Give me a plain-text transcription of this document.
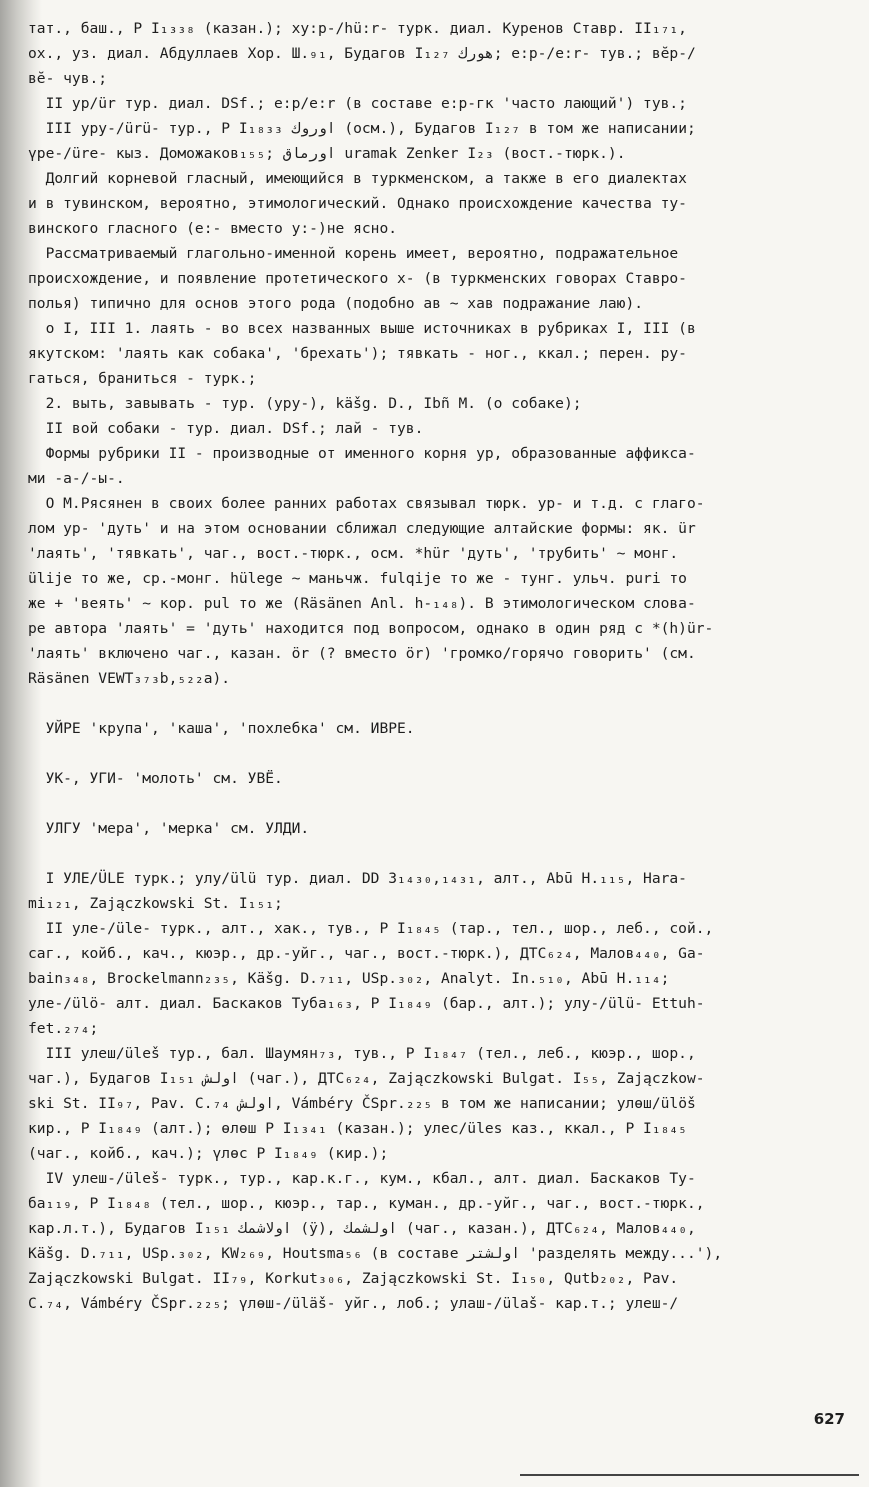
тат., баш., Р I₁₃₃₈ (казан.); xy:p-/hü:r- турк. диал. Куренов Ставр. II₁₇₁,
ox., уз. диал. Абдуллаев Хор. Ш.₉₁, Будагов I₁₂₇ هورك; e:p-/e:r- тув.; вӗр-/
вӗ- чув.;
II ур/ür тур. диал. DSf.; e:p/e:r (в составе e:p-гк 'часто лающий') тув.;
III урy-/ürü- тур., Р I₁₈₃₃ اوروك (осм.), Будагов I₁₂₇ в том же написании;
үре-/üre- кыз. Доможаков₁₅₅; اورماق uramak Zenker I₂₃ (вост.-тюрк.).
Долгий корневой гласный, имеющийся в туркменском, а также в его диалектах
и в тувинском, вероятно, этимологический. Однако происхождение качества ту-
винского гласного (e:- вместо y:-)не ясно.
Рассматриваемый глагольно-именной корень имеет, вероятно, подражательное
происхождение, и появление протетического x- (в туркменских говорах Ставро-
полья) типично для основ этого рода (подобно ав ~ хав подражание лаю).
о I, III 1. лаять - во всех названных выше источниках в рубриках I, III (в
якутском: 'лаять как собака', 'брехать'); тявкать - ног., ккал.; перен. ру-
гаться, браниться - турк.;
2. выть, завывать - тур. (урy-), käšg. D., Ibñ M. (о собаке);
II вой собаки - тур. диал. DSf.; лай - тув.
Формы рубрики II - производные от именного корня ур, образованные аффикса-
ми -а-/-ы-.
О М.Рясянен в своих более ранних работах связывал тюрк. ур- и т.д. с глаго-
лом ур- 'дуть' и на этом основании сближал следующие алтайские формы: як. ür
'лаять', 'тявкать', чаг., вост.-тюрк., осм. *hür 'дуть', 'трубить' ~ монг.
ülije то же, ср.-монг. hülege ~ маньчж. fulqije то же - тунг. ульч. puri то
же + 'веять' ~ кор. pul то же (Räsänen Anl. h-₁₄₈). В этимологическом слова-
ре автора 'лаять' = 'дуть' находится под вопросом, однако в один ряд с *(h)ür-
'лаять' включено чаг., казан. ӧr (? вместо ör) 'громко/горячо говорить' (см.
Räsänen VEWT₃₇₃b,₅₂₂a).
УЙРЕ 'крупа', 'каша', 'похлебка' см. ИВРЕ.
УК-, УГИ- 'молоть' см. УВЁ.
УЛГУ 'мера', 'мерка' см. УЛДИ.
I УЛЕ/ÜLE турк.; улу/ülü тур. диал. DD 3₁₄₃₀,₁₄₃₁, алт., Abū H.₁₁₅, Hara-
mi₁₂₁, Zajączkowski St. I₁₅₁;
II уле-/üle- турк., алт., хак., тув., Р I₁₈₄₅ (тар., тел., шор., леб., сой.,
саг., койб., кач., кюэр., др.-уйг., чаг., вост.-тюрк.), ДТС₆₂₄, Малов₄₄₀, Ga-
bain₃₄₈, Brockelmann₂₃₅, Käšg. D.₇₁₁, USp.₃₀₂, Analyt. In.₅₁₀, Abū H.₁₁₄;
уле-/ülö- алт. диал. Баскаков Туба₁₆₃, Р I₁₈₄₉ (бар., алт.); улу-/ülü- Ettuh-
fet.₂₇₄;
III улеш/üleš тур., бал. Шаумян₇₃, тув., Р I₁₈₄₇ (тел., леб., кюэр., шор.,
чаг.), Будагов I₁₅₁ اولش (чаг.), ДТС₆₂₄, Zajączkowski Bulgat. I₅₅, Zajączkow-
ski St. II₉₇, Pav. C.₇₄ اولش, Vámbéry ČSpr.₂₂₅ в том же написании; улөш/ülöš
кир., Р I₁₈₄₉ (алт.); өлөш Р I₁₃₄₁ (казан.); улес/üles каз., ккал., Р I₁₈₄₅
(чаг., койб., кач.); үлөс Р I₁₈₄₉ (кир.);
IV улеш-/üleš- турк., тур., кар.к.г., кум., кбал., алт. диал. Баскаков Ту-
ба₁₁₉, Р I₁₈₄₈ (тел., шор., кюэр., тар., куман., др.-уйг., чаг., вост.-тюрк.,
кар.л.т.), Будагов I₁₅₁ اولاشمك (ÿ), اولشمك (чаг., казан.), ДТС₆₂₄, Малов₄₄₀,
Käšg. D.₇₁₁, USp.₃₀₂, KW₂₆₉, Houtsma₅₆ (в составе اولشتر 'разделять между...'),
Zajączkowski Bulgat. II₇₉, Korkut₃₀₆, Zajączkowski St. I₁₅₀, Qutb₂₀₂, Pav.
C.₇₄, Vámbéry ČSpr.₂₂₅; үлөш-/üläš- уйг., лоб.; улаш-/ülaš- кар.т.; улеш-/
627
